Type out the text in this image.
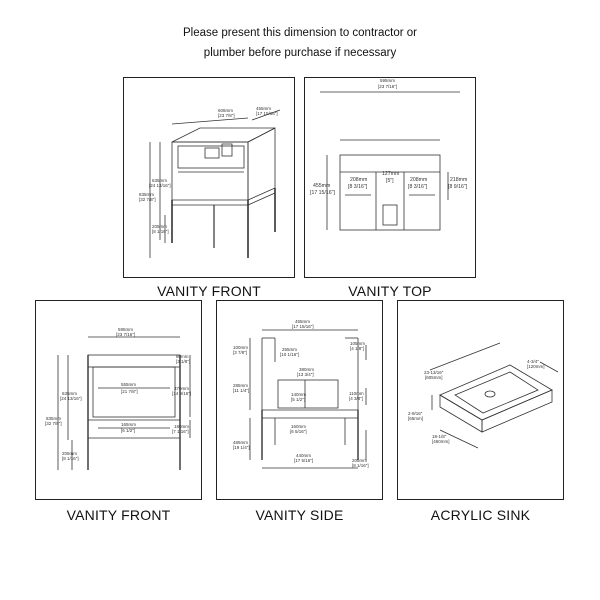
Please present this dimension to contractor or
plumber before purchase if necessary
VANITY FRONT	VANITY TOP
VANITY FRONT	VANITY SIDE	ACRYLIC SINK
606mm
[23 7/8"]
455mm
[17 15/16"]
635mm
[24 13/16"]
835mm
[32 7/8"]
205mm
[8 1/16"]
595mm
[23 7/16"]
455mm
[17 15/16"]
208mm
[8 3/16"]
127mm
[5"]	208mm
[8 3/16"]
218mm
[8 9/16"]
595mm
[23 7/16"]
80mm
[3 1/8"]
555mm
[21 7/8"]
370mm
[14 9/16"]
165mm
[6 1/2"]
180mm
[7 1/16"]
635mm
[24 13/16"]
835mm
[32 7/8"]
205mm
[8 1/16"]
455mm
[17 15/16"]
100mm
[3 7/8"]
255mm
[10 1/16"]
105mm
[4 1/8"]
285mm
[11 1/4"]
380mm
[13 3/4"]
140mm
[5 1/2"]
110mm
[4 3/8"]
485mm
[19 1/4"]
160mm
[6 5/16"]
440mm
[17 5/16"]	205mm
[8 1/16"]
4-3/4"
[120mm]
23-13/16"
[605mm]
2-9/16"
[65mm]
18-1/8"
[460mm]
